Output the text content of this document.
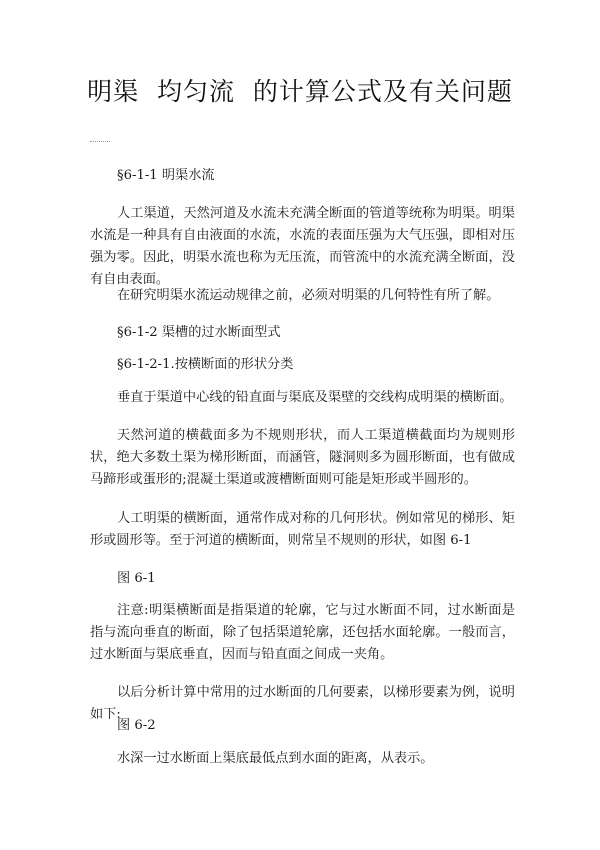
明渠  均匀流  的计算公式及有关问题

§6-1-1 明渠水流

人工渠道，天然河道及水流未充满全断面的管道等统称为明渠。明渠水流是一种具有自由液面的水流，水流的表面压强为大气压强，即相对压强为零。因此，明渠水流也称为无压流，而管流中的水流充满全断面，没有自由表面。

在研究明渠水流运动规律之前，必须对明渠的几何特性有所了解。

§6-1-2 渠槽的过水断面型式

§6-1-2-1.按横断面的形状分类

垂直于渠道中心线的铅直面与渠底及渠壁的交线构成明渠的横断面。

天然河道的横截面多为不规则形状，而人工渠道横截面均为规则形状，绝大多数土渠为梯形断面，而涵管，隧洞则多为圆形断面，也有做成马蹄形或蛋形的;混凝土渠道或渡槽断面则可能是矩形或半圆形的。

人工明渠的横断面，通常作成对称的几何形状。例如常见的梯形、矩形或圆形等。至于河道的横断面，则常呈不规则的形状，如图 6-1

图 6-1

注意:明渠横断面是指渠道的轮廓，它与过水断面不同，过水断面是指与流向垂直的断面，除了包括渠道轮廓，还包括水面轮廓。一般而言，过水断面与渠底垂直，因而与铅直面之间成一夹角。

以后分析计算中常用的过水断面的几何要素，以梯形要素为例，说明如下:

图 6-2

水深一过水断面上渠底最低点到水面的距离，从表示。
